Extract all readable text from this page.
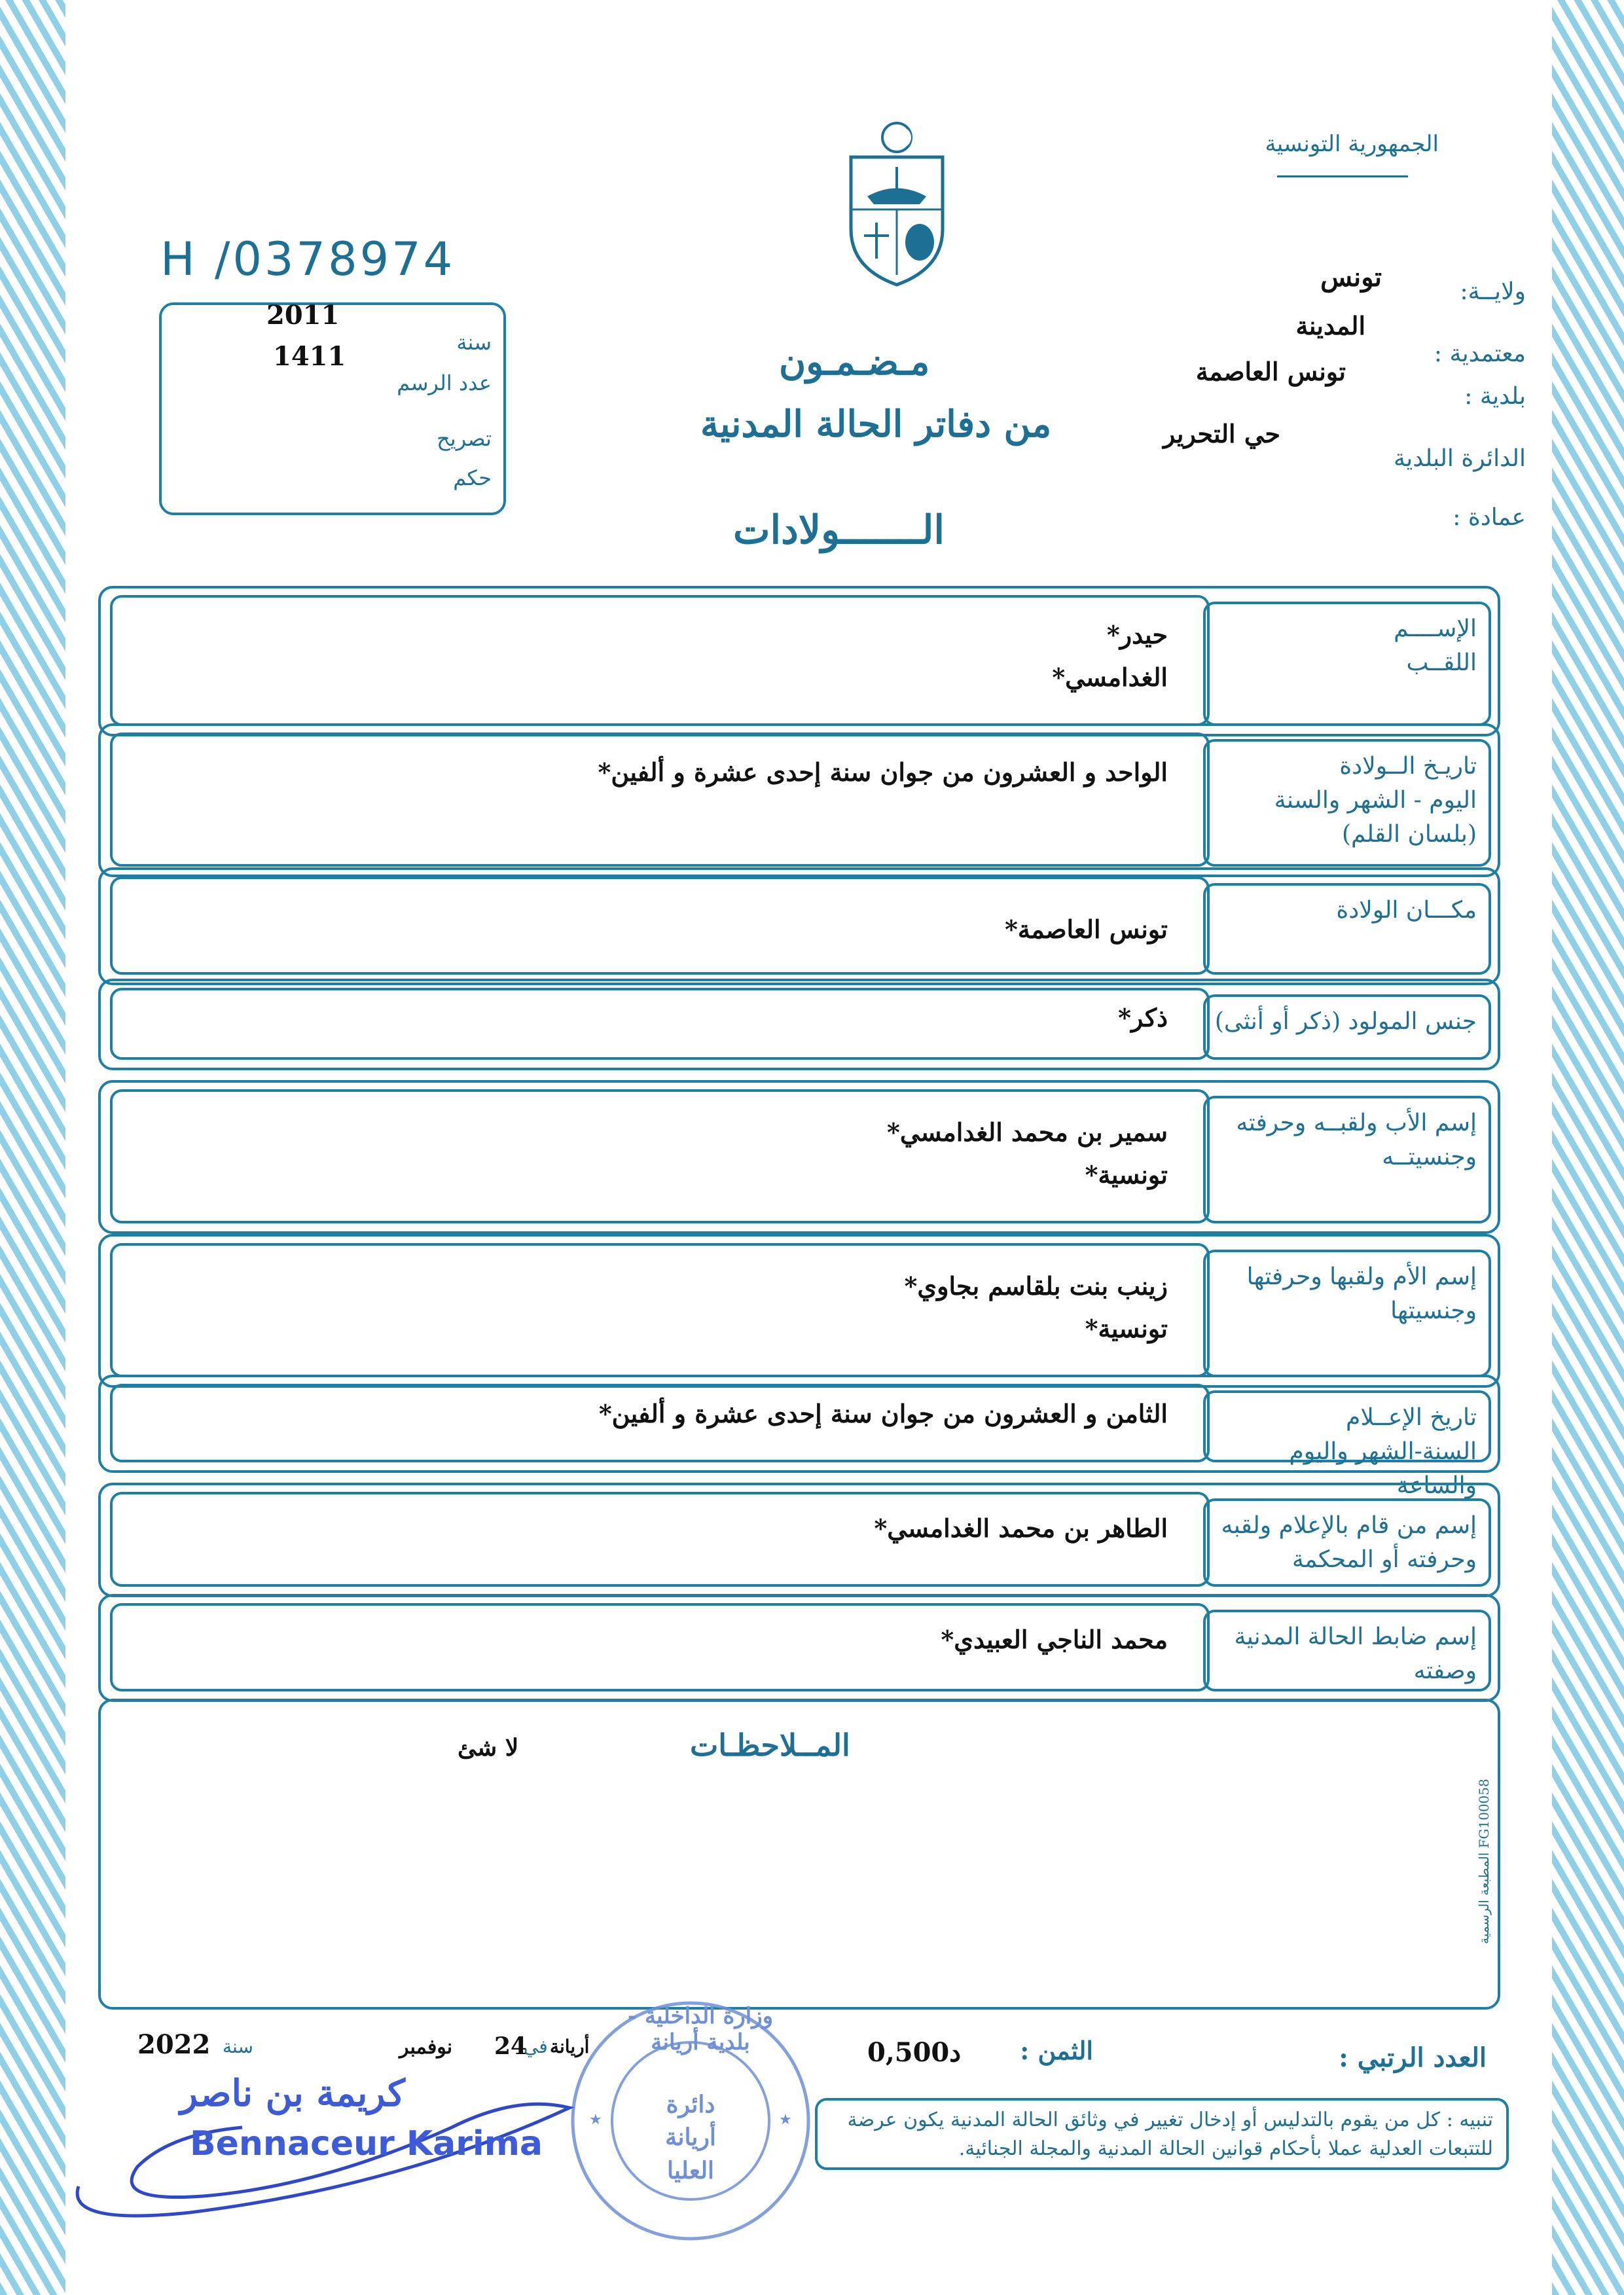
الجمهورية التونسية
H /0378974
سنة
2011
عدد الرسم
1411
تصريح
حكم
ولايــة:
تونس
معتمدية :
المدينة
بلدية :
تونس العاصمة
الدائرة البلدية
حي التحرير
عمادة :
مـضـمـون
من دفاتر الحالة المدنية
الـــــــولادات
الإســــم
اللقــب
حيدر*
الغدامسي*
تاريـخ الــولادة
اليوم - الشهر والسنة
(بلسان القلم)
الواحد و العشرون من جوان سنة إحدى عشرة و ألفين*
مكـــان الولادة
تونس العاصمة*
جنس المولود (ذكر أو أنثى)
ذكر*
إسم الأب ولقبــه وحرفته
وجنسيتــه
سمير بن محمد الغدامسي*
تونسية*
إسم الأم ولقبها وحرفتها
وجنسيتها
زينب بنت بلقاسم بجاوي*
تونسية*
تاريخ الإعــلام
السنة-الشهر واليوم والساعة
الثامن و العشرون من جوان سنة إحدى عشرة و ألفين*
إسم من قام بالإعلام ولقبه
وحرفته أو المحكمة
الطاهر بن محمد الغدامسي*
إسم ضابط الحالة المدنية
وصفته
محمد الناجي العبيدي*
المــلاحظـات
لا شئ
المطبعة الرسمية FG100058
العدد الرتبي :
الثمن :
0,500د
أريانة
في
24
نوفمبر
سنة
2022
تنبيه : كل من يقوم بالتدليس أو إدخال تغيير في وثائق الحالة المدنية يكون عرضة للتتبعات العدلية عملا بأحكام قوانين الحالة المدنية والمجلة الجنائية.
★	★
وزارة الداخلية - بلدية أريانة
دائرة أريانة العليا
كريمة بن ناصر
Bennaceur Karima
